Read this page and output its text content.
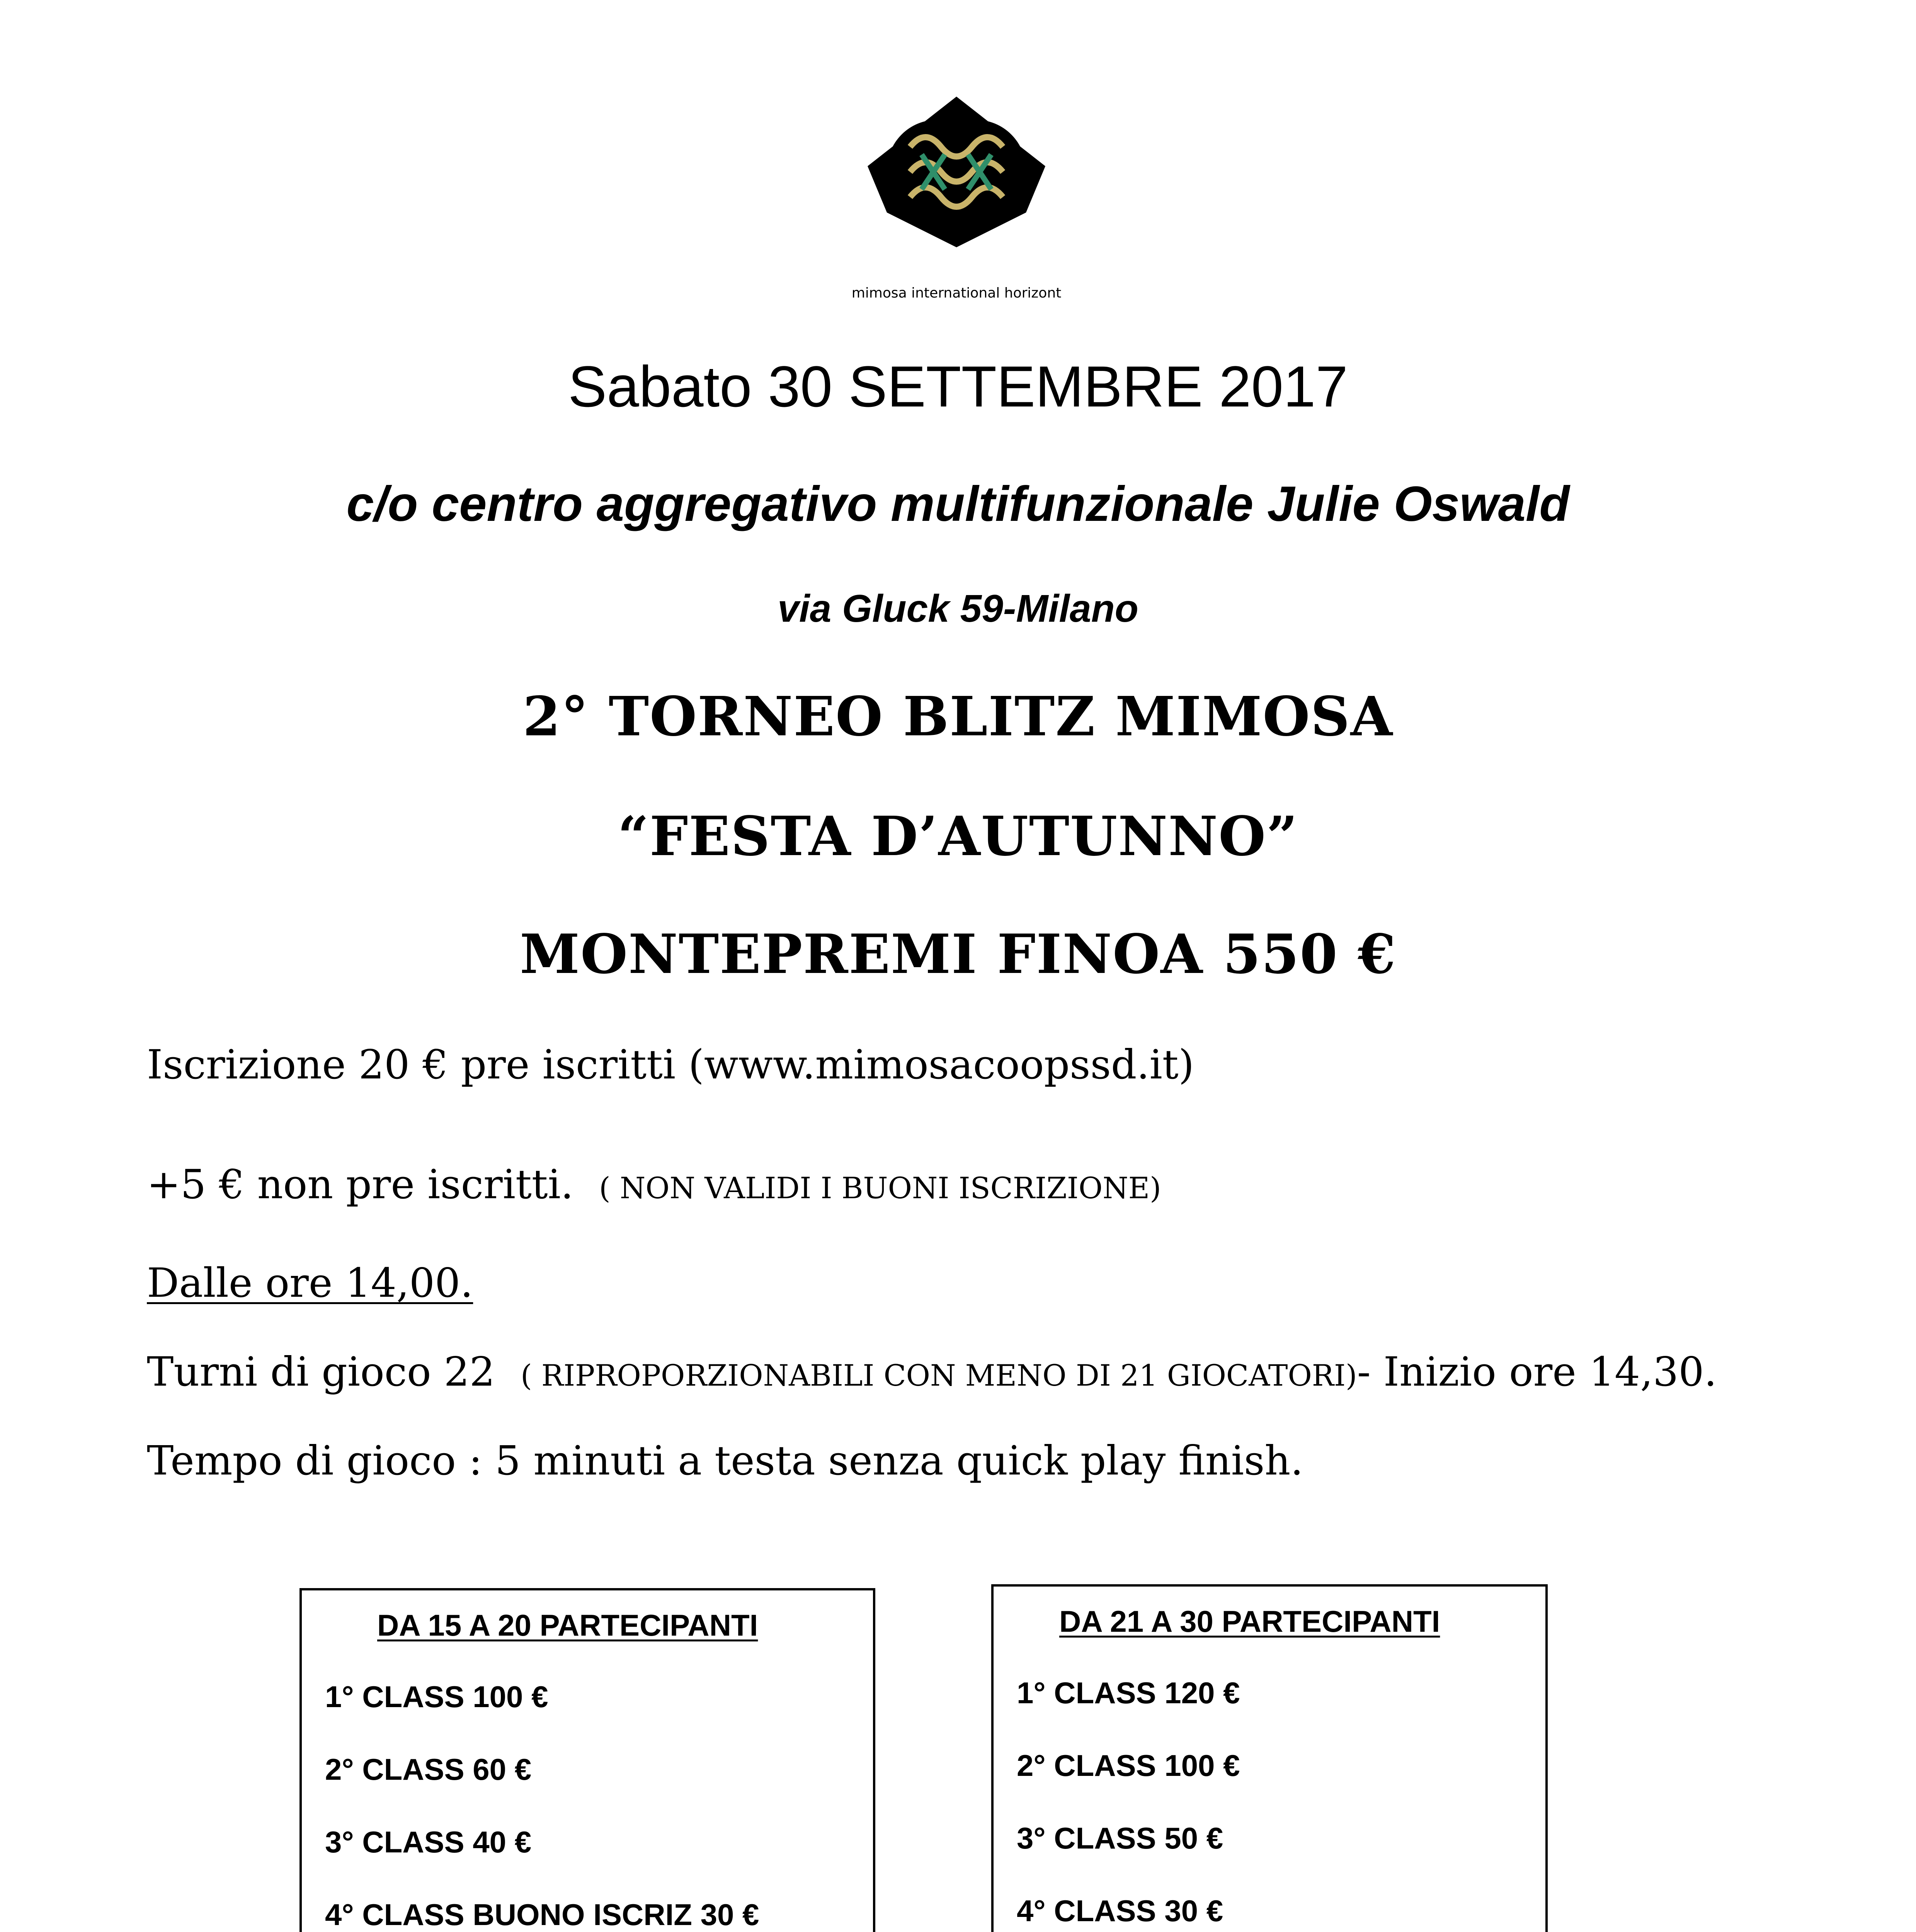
mimosa international horizont
Sabato 30 SETTEMBRE 2017
c/o centro aggregativo multifunzionale Julie Oswald
via Gluck 59-Milano
2° TORNEO BLITZ MIMOSA
“FESTA D’AUTUNNO”
MONTEPREMI FINOA 550 €
Iscrizione 20 € pre iscritti (www.mimosacoopssd.it)
+5 € non pre iscritti. ( NON VALIDI I BUONI ISCRIZIONE)
Dalle ore 14,00.
Turni di gioco 22 ( RIPROPORZIONABILI CON MENO DI 21 GIOCATORI)- Inizio ore 14,30.
Tempo di gioco : 5 minuti a testa senza quick play finish.
DA 15 A 20 PARTECIPANTI
1° CLASS 100 €
2° CLASS 60 €
3° CLASS 40 €
4° CLASS BUONO ISCRIZ 30 €
DA 21 A 30 PARTECIPANTI
1° CLASS 120 €
2° CLASS 100 €
3° CLASS 50 €
4° CLASS 30 €
